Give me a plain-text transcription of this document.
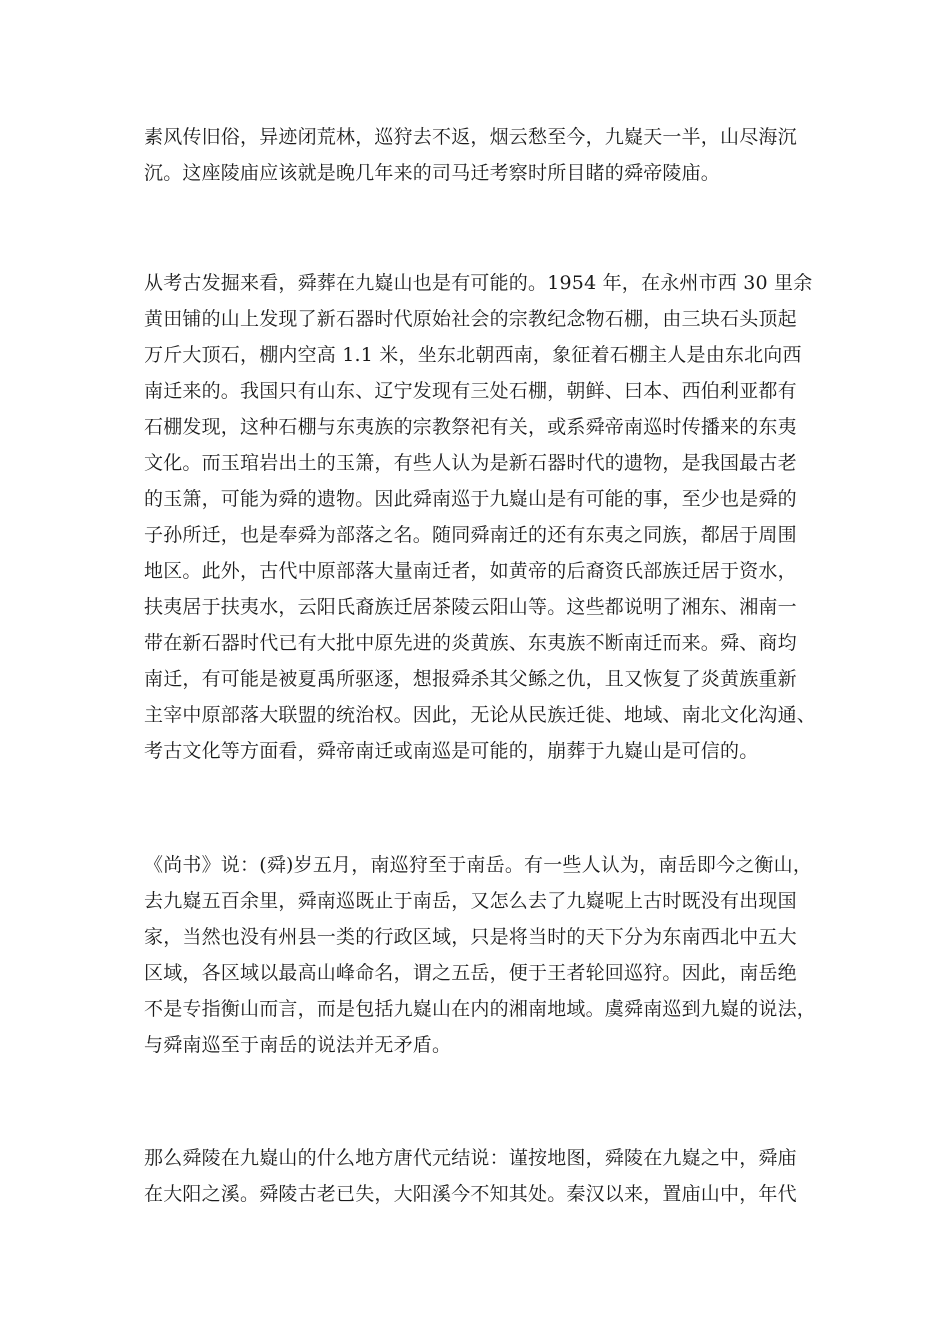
素风传旧俗，异迹闭荒林，巡狩去不返，烟云愁至今，九嶷天一半，山尽海沉
沉。这座陵庙应该就是晚几年来的司马迁考察时所目睹的舜帝陵庙。
从考古发掘来看，舜葬在九嶷山也是有可能的。1954 年，在永州市西 30 里余
黄田铺的山上发现了新石器时代原始社会的宗教纪念物石棚，由三块石头顶起
万斤大顶石，棚内空高 1.1 米，坐东北朝西南，象征着石棚主人是由东北向西
南迁来的。我国只有山东、辽宁发现有三处石棚，朝鲜、曰本、西伯利亚都有
石棚发现，这种石棚与东夷族的宗教祭祀有关，或系舜帝南巡时传播来的东夷
文化。而玉琯岩出土的玉箫，有些人认为是新石器时代的遗物，是我国最古老
的玉箫，可能为舜的遗物。因此舜南巡于九嶷山是有可能的事，至少也是舜的
子孙所迁，也是奉舜为部落之名。随同舜南迁的还有东夷之同族，都居于周围
地区。此外，古代中原部落大量南迁者，如黄帝的后裔资氏部族迁居于资水，
扶夷居于扶夷水，云阳氏裔族迁居茶陵云阳山等。这些都说明了湘东、湘南一
带在新石器时代已有大批中原先进的炎黄族、东夷族不断南迁而来。舜、商均
南迁，有可能是被夏禹所驱逐，想报舜杀其父鲧之仇，且又恢复了炎黄族重新
主宰中原部落大联盟的统治权。因此，无论从民族迁徙、地域、南北文化沟通、
考古文化等方面看，舜帝南迁或南巡是可能的，崩葬于九嶷山是可信的。
《尚书》说：(舜)岁五月，南巡狩至于南岳。有一些人认为，南岳即今之衡山，
去九嶷五百余里，舜南巡既止于南岳，又怎么去了九嶷呢上古时既没有出现国
家，当然也没有州县一类的行政区域，只是将当时的天下分为东南西北中五大
区域，各区域以最高山峰命名，谓之五岳，便于王者轮回巡狩。因此，南岳绝
不是专指衡山而言，而是包括九嶷山在内的湘南地域。虞舜南巡到九嶷的说法，
与舜南巡至于南岳的说法并无矛盾。
那么舜陵在九嶷山的什么地方唐代元结说：谨按地图，舜陵在九嶷之中，舜庙
在大阳之溪。舜陵古老已失，大阳溪今不知其处。秦汉以来，置庙山中，年代
